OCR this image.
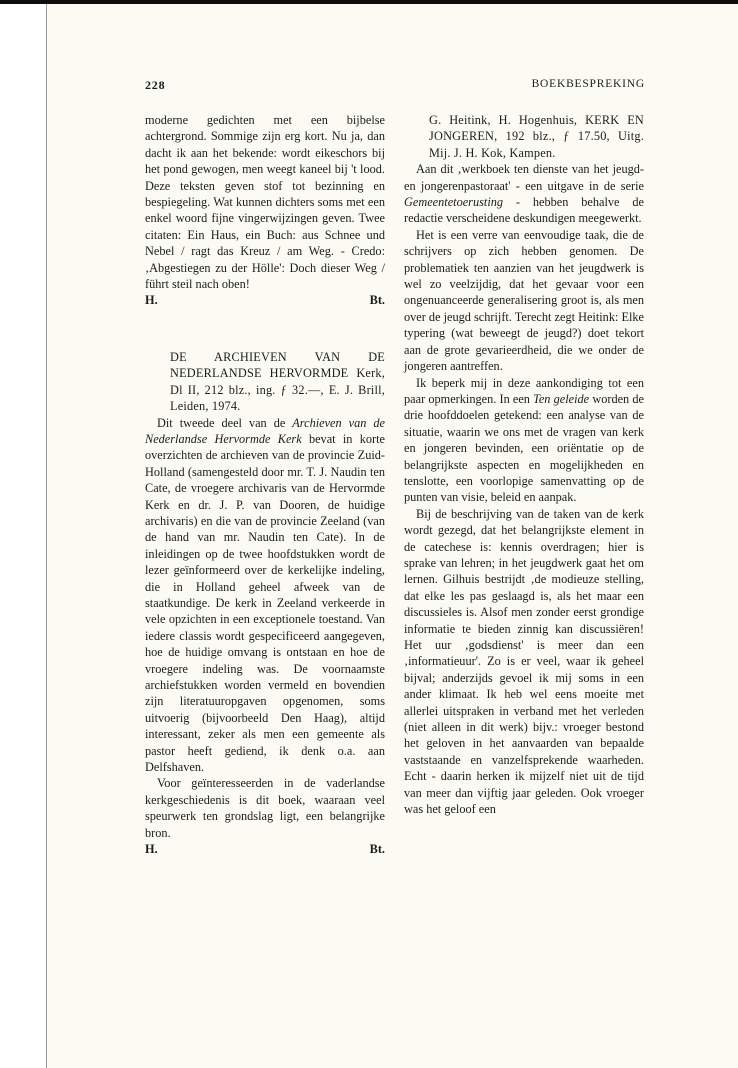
228	BOEKBESPREKING

moderne gedichten met een bijbelse achtergrond. Sommige zijn erg kort. Nu ja, dan dacht ik aan het bekende: wordt eikeschors bij het pond gewogen, men weegt kaneel bij 't lood. Deze teksten geven stof tot bezinning en bespiegeling. Wat kunnen dichters soms met een enkel woord fijne vingerwijzingen geven. Twee citaten: Ein Haus, ein Buch: aus Schnee und Nebel / ragt das Kreuz / am Weg. - Credo: ‚Abgestiegen zu der Hölle': Doch dieser Weg / führt steil nach oben!

H.	Bt.

DE ARCHIEVEN VAN DE NEDERLANDSE HERVORMDE Kerk, Dl II, 212 blz., ing. ƒ 32.—, E. J. Brill, Leiden, 1974.

Dit tweede deel van de Archieven van de Nederlandse Hervormde Kerk bevat in korte overzichten de archieven van de provincie Zuid-Holland (samengesteld door mr. T. J. Naudin ten Cate, de vroegere archivaris van de Hervormde Kerk en dr. J. P. van Dooren, de huidige archivaris) en die van de provincie Zeeland (van de hand van mr. Naudin ten Cate). In de inleidingen op de twee hoofdstukken wordt de lezer geïnformeerd over de kerkelijke indeling, die in Holland geheel afweek van de staatkundige. De kerk in Zeeland verkeerde in vele opzichten in een exceptionele toestand. Van iedere classis wordt gespecificeerd aangegeven, hoe de huidige omvang is ontstaan en hoe de vroegere indeling was. De voornaamste archiefstukken worden vermeld en bovendien zijn literatuuropgaven opgenomen, soms uitvoerig (bijvoorbeeld Den Haag), altijd interessant, zeker als men een gemeente als pastor heeft gediend, ik denk o.a. aan Delfshaven.

Voor geïnteresseerden in de vaderlandse kerkgeschiedenis is dit boek, waaraan veel speurwerk ten grondslag ligt, een belangrijke bron.

H.	Bt.

G. Heitink, H. Hogenhuis, KERK EN JONGEREN, 192 blz., ƒ 17.50, Uitg. Mij. J. H. Kok, Kampen.

Aan dit ‚werkboek ten dienste van het jeugd- en jongerenpastoraat' - een uitgave in de serie Gemeentetoerusting - hebben behalve de redactie verscheidene deskundigen meegewerkt.

Het is een verre van eenvoudige taak, die de schrijvers op zich hebben genomen. De problematiek ten aanzien van het jeugdwerk is wel zo veelzijdig, dat het gevaar voor een ongenuanceerde generalisering groot is, als men over de jeugd schrijft. Terecht zegt Heitink: Elke typering (wat beweegt de jeugd?) doet tekort aan de grote gevarieerdheid, die we onder de jongeren aantreffen.

Ik beperk mij in deze aankondiging tot een paar opmerkingen. In een Ten geleide worden de drie hoofddoelen getekend: een analyse van de situatie, waarin we ons met de vragen van kerk en jongeren bevinden, een oriëntatie op de belangrijkste aspecten en mogelijkheden en tenslotte, een voorlopige samenvatting op de punten van visie, beleid en aanpak.

Bij de beschrijving van de taken van de kerk wordt gezegd, dat het belangrijkste element in de catechese is: kennis overdragen; hier is sprake van lehren; in het jeugdwerk gaat het om lernen. Gilhuis bestrijdt ‚de modieuze stelling, dat elke les pas geslaagd is, als het maar een discussieles is. Alsof men zonder eerst grondige informatie te bieden zinnig kan discussiëren! Het uur ‚godsdienst' is meer dan een ‚informatieuur'. Zo is er veel, waar ik geheel bijval; anderzijds gevoel ik mij soms in een ander klimaat. Ik heb wel eens moeite met allerlei uitspraken in verband met het verleden (niet alleen in dit werk) bijv.: vroeger bestond het geloven in het aanvaarden van bepaalde vaststaande en vanzelfsprekende waarheden. Echt - daarin herken ik mijzelf niet uit de tijd van meer dan vijftig jaar geleden. Ook vroeger was het geloof een
